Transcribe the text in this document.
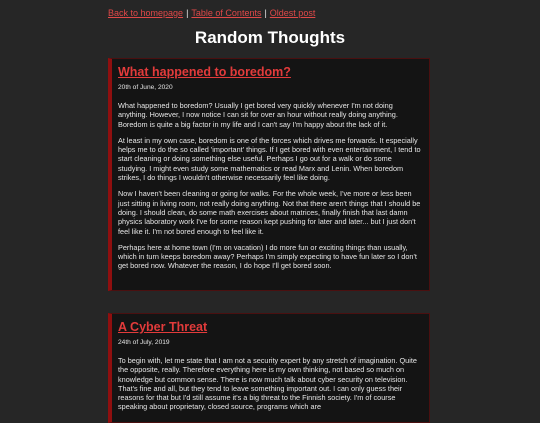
Back to homepage | Table of Contents | Oldest post
Random Thoughts
What happened to boredom?
20th of June, 2020

What happened to boredom? Usually I get bored very quickly whenever I'm not doing anything. However, I now notice I can sit for over an hour without really doing anything. Boredom is quite a big factor in my life and I can't say I'm happy about the lack of it.

At least in my own case, boredom is one of the forces which drives me forwards. It especially helps me to do the so called 'important' things. If I get bored with even entertainment, I tend to start cleaning or doing something else useful. Perhaps I go out for a walk or do some studying. I might even study some mathematics or read Marx and Lenin. When boredom strikes, I do things I wouldn't otherwise necessarily feel like doing.

Now I haven't been cleaning or going for walks. For the whole week, I've more or less been just sitting in living room, not really doing anything. Not that there aren't things that I should be doing. I should clean, do some math exercises about matrices, finally finish that last damn physics laboratory work I've for some reason kept pushing for later and later... but I just don't feel like it. I'm not bored enough to feel like it.

Perhaps here at home town (I'm on vacation) I do more fun or exciting things than usually, which in turn keeps boredom away? Perhaps I'm simply expecting to have fun later so I don't get bored now. Whatever the reason, I do hope I'll get bored soon.

A Cyber Threat
24th of July, 2019

To begin with, let me state that I am not a security expert by any stretch of imagination. Quite the opposite, really. Therefore everything here is my own thinking, not based so much on knowledge but common sense. There is now much talk about cyber security on television. That's fine and all, but they tend to leave something important out. I can only guess their reasons for that but I'd still assume it's a big threat to the Finnish society. I'm of course speaking about proprietary, closed source, programs which are
